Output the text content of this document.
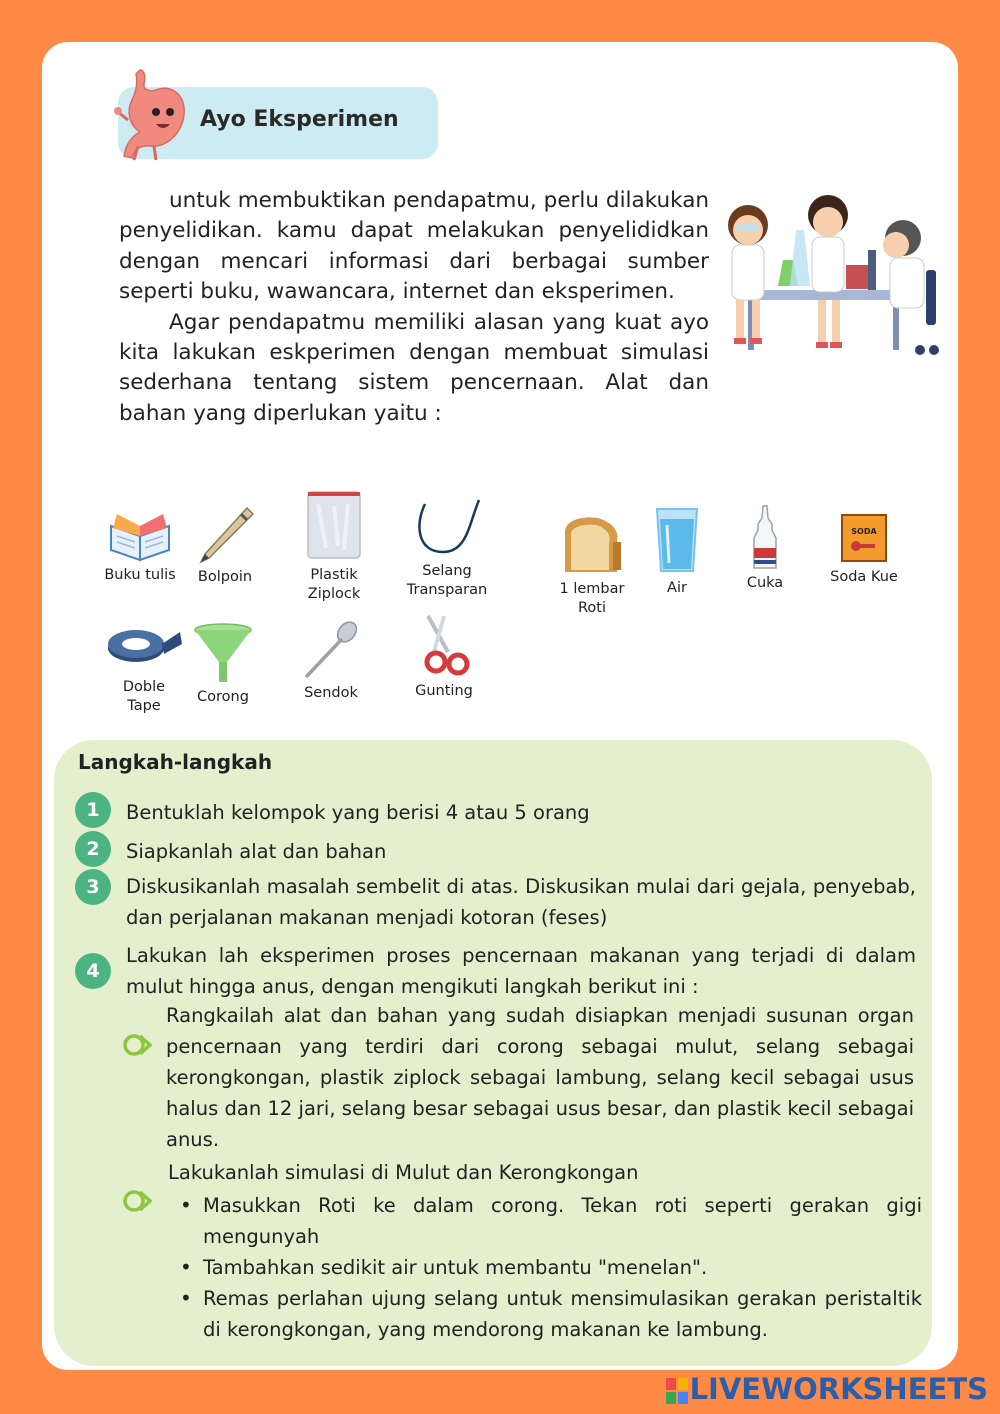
Ayo Eksperimen

untuk membuktikan pendapatmu, perlu dilakukan penyelidikan. kamu dapat melakukan penyelididkan dengan mencari informasi dari berbagai sumber seperti buku, wawancara, internet dan eksperimen.

Agar pendapatmu memiliki alasan yang kuat ayo kita lakukan eskperimen dengan membuat simulasi sederhana tentang sistem pencernaan. Alat dan bahan yang diperlukan yaitu :

Buku tulis	Bolpoin	Plastik
Ziplock
Selang
Transparan	1 lembar
Roti
Air	Cuka
SODA
Soda Kue
Doble
Tape
Corong	Sendok	Gunting
Langkah-langkah
1	Bentuklah kelompok yang berisi 4 atau 5 orang
2	Siapkanlah alat dan bahan
3	Diskusikanlah masalah sembelit di atas. Diskusikan mulai dari gejala, penyebab, dan perjalanan makanan menjadi kotoran (feses)
4
Lakukan lah eksperimen proses pencernaan makanan yang terjadi di dalam mulut hingga anus, dengan mengikuti langkah berikut ini :
Rangkailah alat dan bahan yang sudah disiapkan menjadi susunan organ pencernaan yang terdiri dari corong sebagai mulut, selang sebagai kerongkongan, plastik ziplock sebagai lambung, selang kecil sebagai usus halus dan 12 jari, selang besar sebagai usus besar, dan plastik kecil sebagai anus.
Lakukanlah simulasi di Mulut dan Kerongkongan
• Masukkan Roti ke dalam corong. Tekan roti seperti gerakan gigi mengunyah
• Tambahkan sedikit air untuk membantu "menelan".
• Remas perlahan ujung selang untuk mensimulasikan gerakan peristaltik di kerongkongan, yang mendorong makanan ke lambung.
LIVEWORKSHEETS
